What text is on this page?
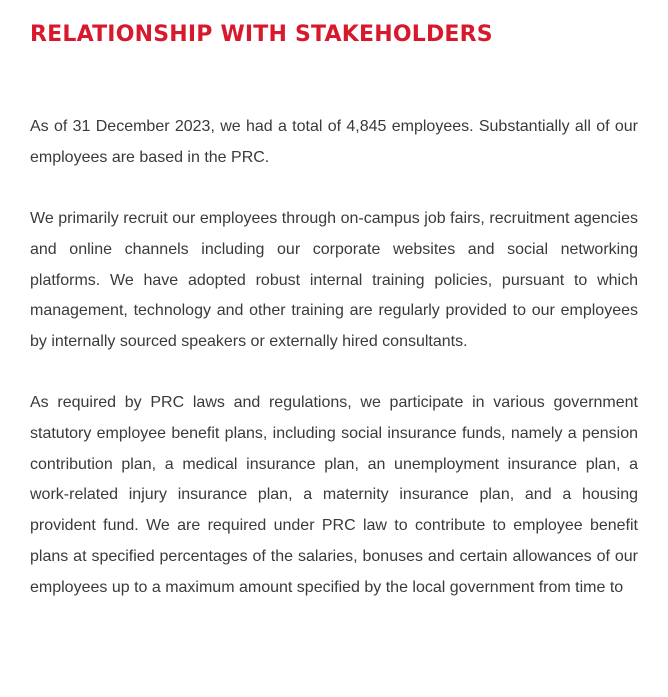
RELATIONSHIP WITH STAKEHOLDERS

As of 31 December 2023, we had a total of 4,845 employees. Substantially all of our employees are based in the PRC.

We primarily recruit our employees through on-campus job fairs, recruitment agencies and online channels including our corporate websites and social networking platforms. We have adopted robust internal training policies, pursuant to which management, technology and other training are regularly provided to our employees by internally sourced speakers or externally hired consultants.

As required by PRC laws and regulations, we participate in various government statutory employee benefit plans, including social insurance funds, namely a pension contribution plan, a medical insurance plan, an unemployment insurance plan, a work-related injury insurance plan, a maternity insurance plan, and a housing provident fund. We are required under PRC law to contribute to employee benefit plans at specified percentages of the salaries, bonuses and certain allowances of our employees up to a maximum amount specified by the local government from time to
